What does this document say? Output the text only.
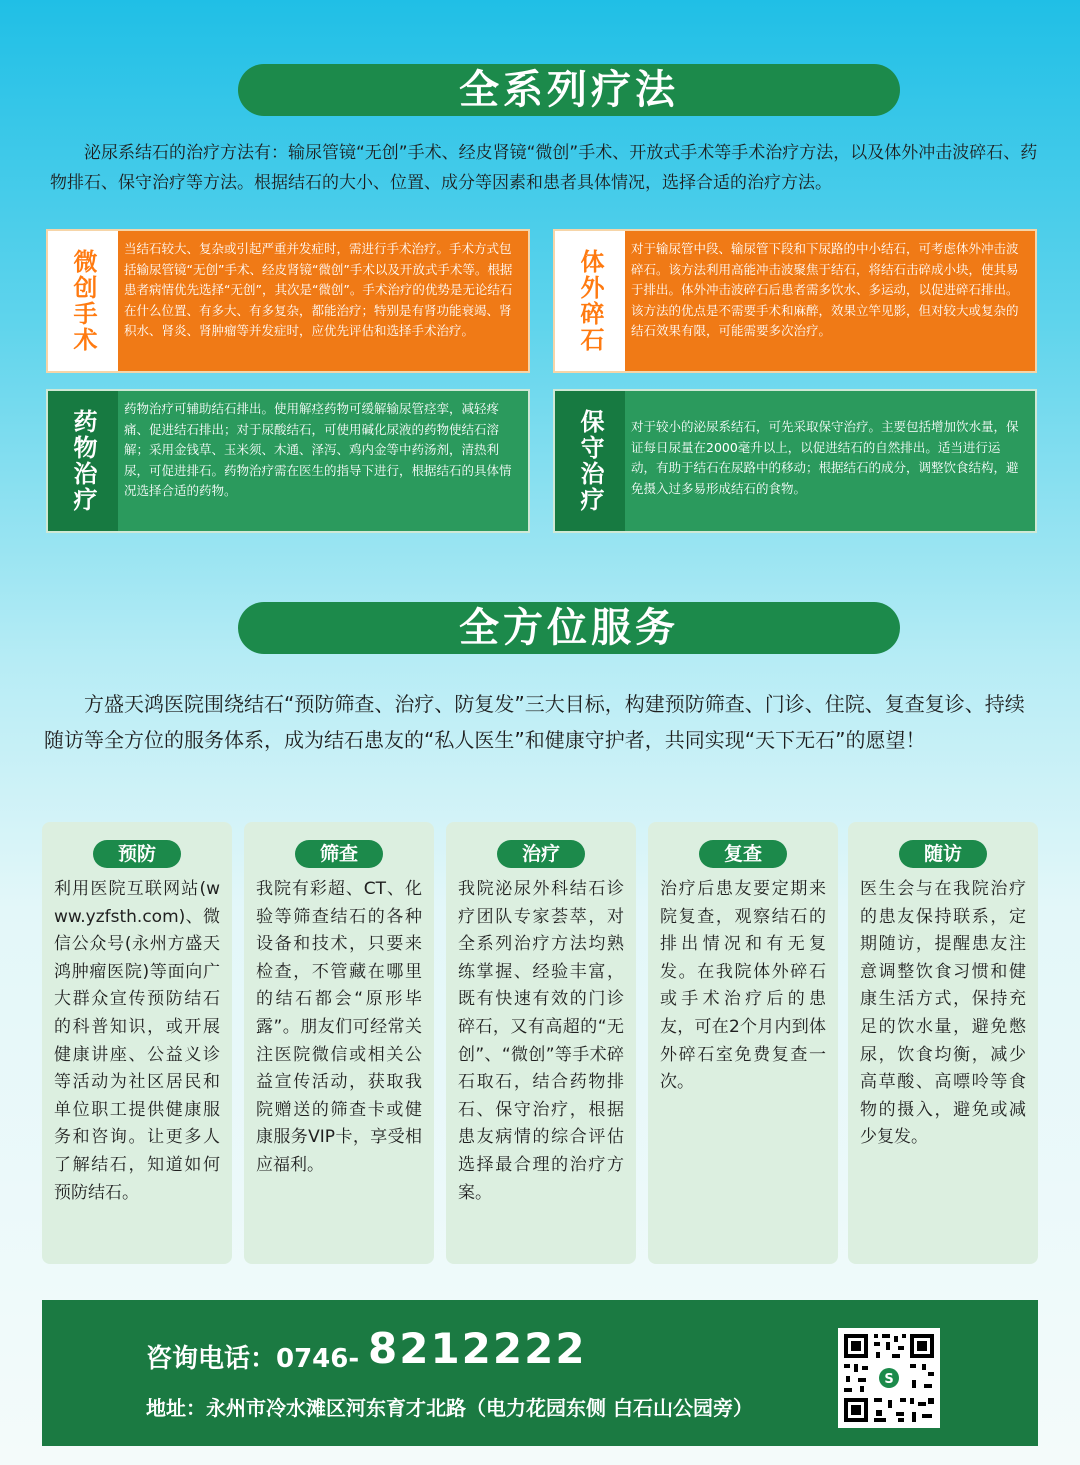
全系列疗法

泌尿系结石的治疗方法有：输尿管镜“无创”手术、经皮肾镜“微创”手术、开放式手术等手术治疗方法，以及体外冲击波碎石、药物排石、保守治疗等方法。根据结石的大小、位置、成分等因素和患者具体情况，选择合适的治疗方法。

微创手术
当结石较大、复杂或引起严重并发症时，需进行手术治疗。手术方式包括输尿管镜“无创”手术、经皮肾镜“微创”手术以及开放式手术等。根据患者病情优先选择“无创”，其次是“微创”。手术治疗的优势是无论结石在什么位置、有多大、有多复杂，都能治疗；特别是有肾功能衰竭、肾积水、肾炎、肾肿瘤等并发症时，应优先评估和选择手术治疗。	体外碎石
对于输尿管中段、输尿管下段和下尿路的中小结石，可考虑体外冲击波碎石。该方法利用高能冲击波聚焦于结石，将结石击碎成小块，使其易于排出。体外冲击波碎石后患者需多饮水、多运动，以促进碎石排出。该方法的优点是不需要手术和麻醉，效果立竿见影，但对较大或复杂的结石效果有限，可能需要多次治疗。
药物治疗
药物治疗可辅助结石排出。使用解痉药物可缓解输尿管痉挛，减轻疼痛、促进结石排出；对于尿酸结石，可使用碱化尿液的药物使结石溶解；采用金钱草、玉米须、木通、泽泻、鸡内金等中药汤剂，清热利尿，可促进排石。药物治疗需在医生的指导下进行，根据结石的具体情况选择合适的药物。	保守治疗	对于较小的泌尿系结石，可先采取保守治疗。主要包括增加饮水量，保证每日尿量在2000毫升以上，以促进结石的自然排出。适当进行运动，有助于结石在尿路中的移动；根据结石的成分，调整饮食结构，避免摄入过多易形成结石的食物。
全方位服务

方盛天鸿医院围绕结石“预防筛查、治疗、防复发”三大目标，构建预防筛查、门诊、住院、复查复诊、持续随访等全方位的服务体系，成为结石患友的“私人医生”和健康守护者，共同实现“天下无石”的愿望！

预防
利用医院互联网站(www.yzfsth.com)、微信公众号(永州方盛天鸿肿瘤医院)等面向广大群众宣传预防结石的科普知识，或开展健康讲座、公益义诊等活动为社区居民和单位职工提供健康服务和咨询。让更多人了解结石，知道如何预防结石。
筛查
我院有彩超、CT、化验等筛查结石的各种设备和技术，只要来检查，不管藏在哪里的结石都会“原形毕露”。朋友们可经常关注医院微信或相关公益宣传活动，获取我院赠送的筛查卡或健康服务VIP卡，享受相应福利。
治疗
我院泌尿外科结石诊疗团队专家荟萃，对全系列治疗方法均熟练掌握、经验丰富，既有快速有效的门诊碎石，又有高超的“无创”、“微创”等手术碎石取石，结合药物排石、保守治疗，根据患友病情的综合评估选择最合理的治疗方案。
复查
治疗后患友要定期来院复查，观察结石的排出情况和有无复发。在我院体外碎石或手术治疗后的患友，可在2个月内到体外碎石室免费复查一次。
随访
医生会与在我院治疗的患友保持联系，定期随访，提醒患友注意调整饮食习惯和健康生活方式，保持充足的饮水量，避免憋尿，饮食均衡，减少高草酸、高嘌呤等食物的摄入，避免或减少复发。
咨询电话：0746- 8212222
地址：永州市冷水滩区河东育才北路（电力花园东侧 白石山公园旁）
S
